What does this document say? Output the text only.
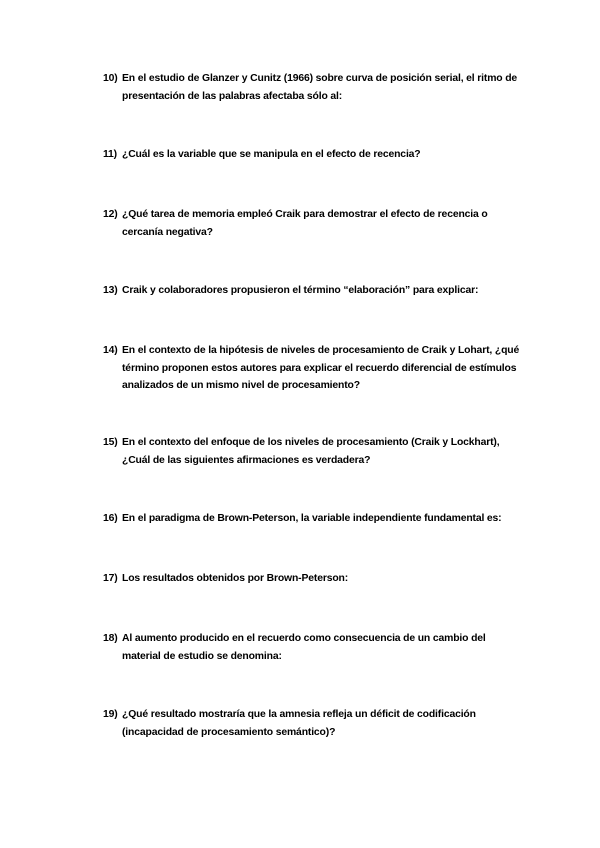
10) En el estudio de Glanzer y Cunitz (1966) sobre curva de posición serial, el ritmo de presentación de las palabras afectaba sólo al:
11) ¿Cuál es la variable que se manipula en el efecto de recencia?
12) ¿Qué tarea de memoria empleó Craik para demostrar el efecto de recencia o cercanía negativa?
13) Craik y colaboradores propusieron el término “elaboración” para explicar:
14) En el contexto de la hipótesis de niveles de procesamiento de Craik y Lohart, ¿qué término proponen estos autores para explicar el recuerdo diferencial de estímulos analizados de un mismo nivel de procesamiento?
15) En el contexto del enfoque de los niveles de procesamiento (Craik y Lockhart), ¿Cuál de las siguientes afirmaciones es verdadera?
16) En el paradigma de Brown-Peterson, la variable independiente fundamental es:
17) Los resultados obtenidos por Brown-Peterson:
18) Al aumento producido en el recuerdo como consecuencia de un cambio del material de estudio se denomina:
19) ¿Qué resultado mostraría que la amnesia refleja un déficit de codificación (incapacidad de procesamiento semántico)?
